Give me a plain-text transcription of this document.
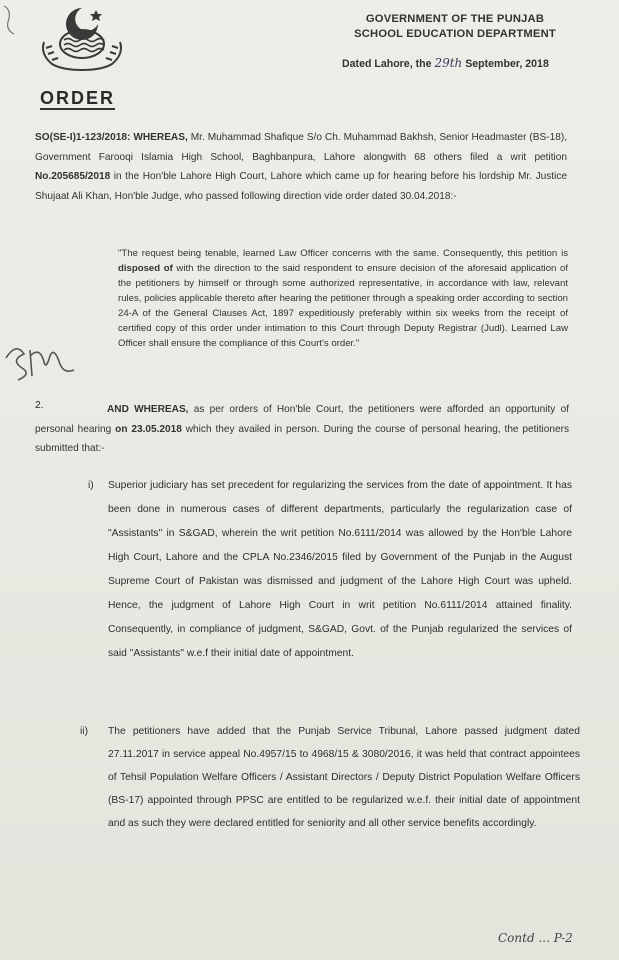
GOVERNMENT OF THE PUNJAB
SCHOOL EDUCATION DEPARTMENT
Dated Lahore, the 29th September, 2018
ORDER
SO(SE-I)1-123/2018: WHEREAS, Mr. Muhammad Shafique S/o Ch. Muhammad Bakhsh, Senior Headmaster (BS-18), Government Farooqi Islamia High School, Baghbanpura, Lahore alongwith 68 others filed a writ petition No.205685/2018 in the Hon'ble Lahore High Court, Lahore which came up for hearing before his lordship Mr. Justice Shujaat Ali Khan, Hon'ble Judge, who passed following direction vide order dated 30.04.2018:-
"The request being tenable, learned Law Officer concerns with the same. Consequently, this petition is disposed of with the direction to the said respondent to ensure decision of the aforesaid application of the petitioners by himself or through some authorized representative, in accordance with law, relevant rules, policies applicable thereto after hearing the petitioner through a speaking order according to section 24-A of the General Clauses Act, 1897 expeditiously preferably within six weeks from the receipt of certified copy of this order under intimation to this Court through Deputy Registrar (Judl). Learned Law Officer shall ensure the compliance of this Court's order."
2.	AND WHEREAS, as per orders of Hon'ble Court, the petitioners were afforded an opportunity of personal hearing on 23.05.2018 which they availed in person. During the course of personal hearing, the petitioners submitted that:-
i) Superior judiciary has set precedent for regularizing the services from the date of appointment. It has been done in numerous cases of different departments, particularly the regularization case of "Assistants" in S&GAD, wherein the writ petition No.6111/2014 was allowed by the Hon'ble Lahore High Court, Lahore and the CPLA No.2346/2015 filed by Government of the Punjab in the August Supreme Court of Pakistan was dismissed and judgment of the Lahore High Court was upheld. Hence, the judgment of Lahore High Court in writ petition No.6111/2014 attained finality. Consequently, in compliance of judgment, S&GAD, Govt. of the Punjab regularized the services of said "Assistants" w.e.f their initial date of appointment.
ii) The petitioners have added that the Punjab Service Tribunal, Lahore passed judgment dated 27.11.2017 in service appeal No.4957/15 to 4968/15 & 3080/2016, it was held that contract appointees of Tehsil Population Welfare Officers / Assistant Directors / Deputy District Population Welfare Officers (BS-17) appointed through PPSC are entitled to be regularized w.e.f. their initial date of appointment and as such they were declared entitled for seniority and all other service benefits accordingly.
Contd ... P-2
